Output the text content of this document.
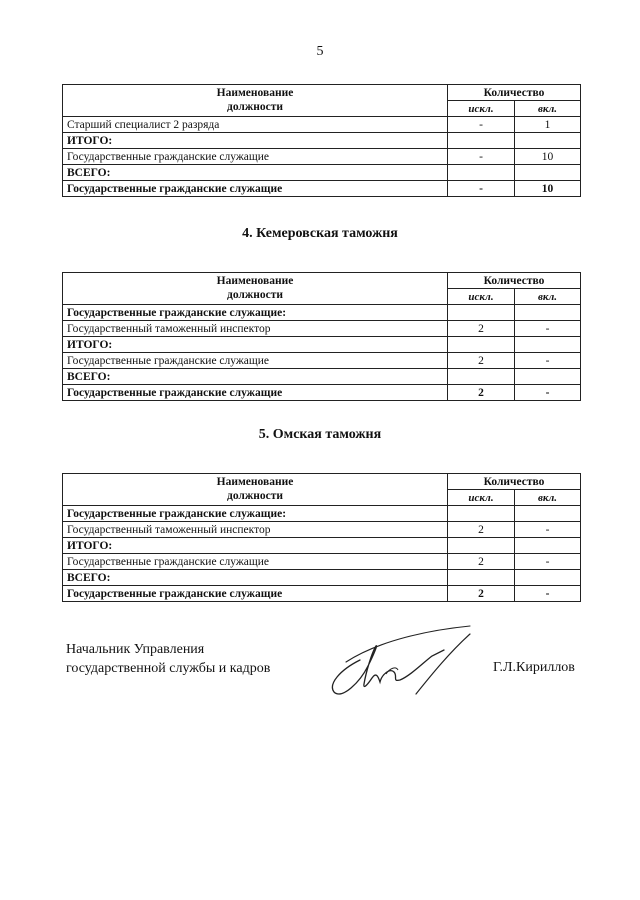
5
Наименование
должности	Количество	
	искл.	вкл.
Старший специалист 2 разряда	-	1
ИТОГО:		
Государственные гражданские служащие	-	10
ВСЕГО:		
Государственные гражданские служащие	-	10
4. Кемеровская таможня
Наименование
должности	Количество	
	искл.	вкл.
Государственные гражданские служащие:		
Государственный таможенный инспектор	2	-
ИТОГО:		
Государственные гражданские служащие	2	-
ВСЕГО:		
Государственные гражданские служащие	2	-
5. Омская таможня
Наименование
должности	Количество	
	искл.	вкл.
Государственные гражданские служащие:		
Государственный таможенный инспектор	2	-
ИТОГО:		
Государственные гражданские служащие	2	-
ВСЕГО:		
Государственные гражданские служащие	2	-
Начальник Управления
государственной службы и кадров	Г.Л.Кириллов
